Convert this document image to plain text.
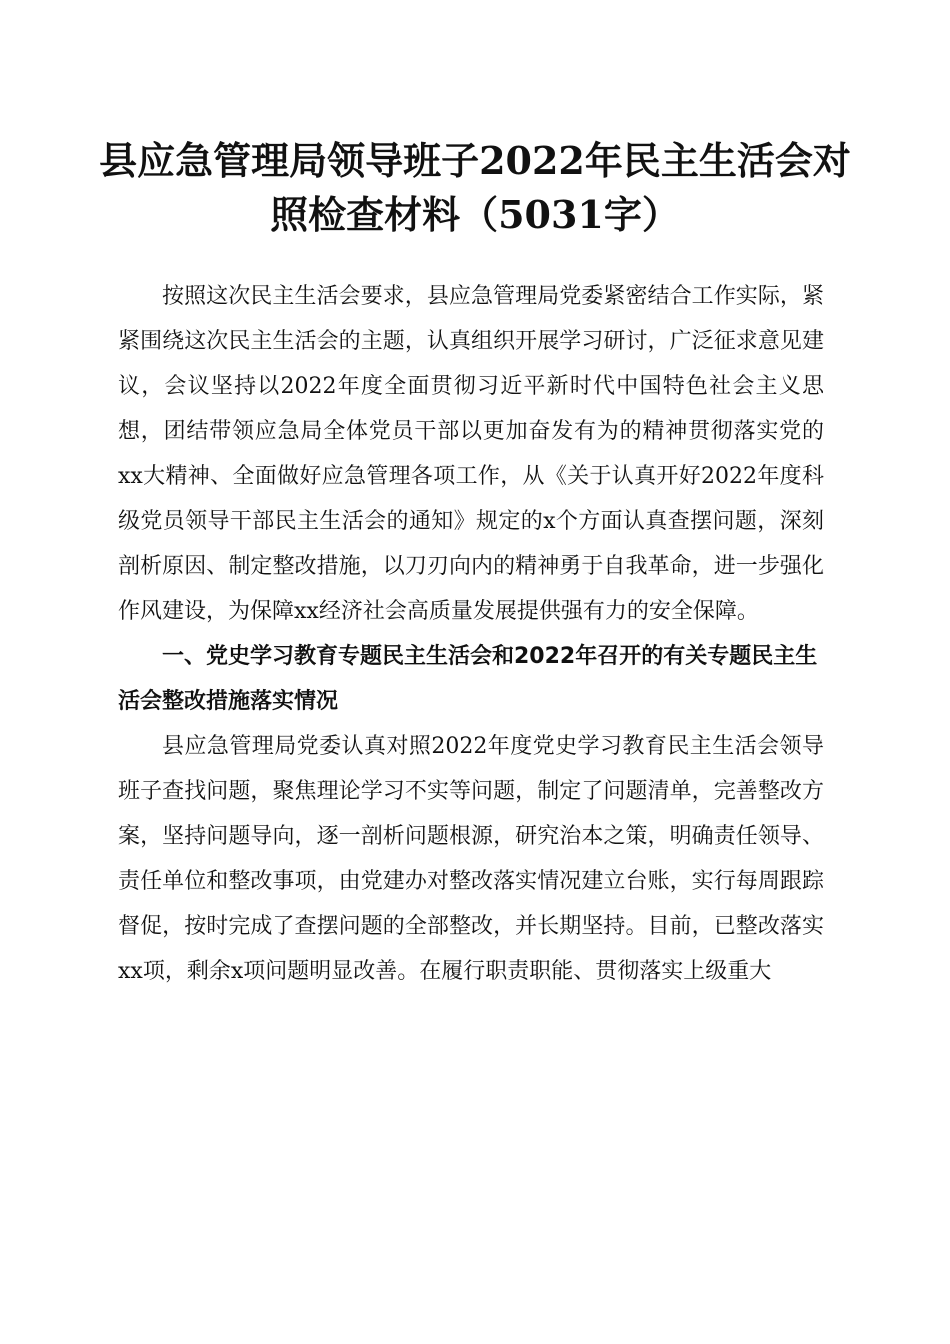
县应急管理局领导班子2022年民主生活会对
照检查材料（5031字）

按照这次民主生活会要求，县应急管理局党委紧密结合工作实际，紧紧围绕这次民主生活会的主题，认真组织开展学习研讨，广泛征求意见建议，会议坚持以2022年度全面贯彻习近平新时代中国特色社会主义思想，团结带领应急局全体党员干部以更加奋发有为的精神贯彻落实党的xx大精神、全面做好应急管理各项工作，从《关于认真开好2022年度科级党员领导干部民主生活会的通知》规定的x个方面认真查摆问题，深刻剖析原因、制定整改措施，以刀刃向内的精神勇于自我革命，进一步强化作风建设，为保障xx经济社会高质量发展提供强有力的安全保障。

一、党史学习教育专题民主生活会和2022年召开的有关专题民主生活会整改措施落实情况

县应急管理局党委认真对照2022年度党史学习教育民主生活会领导班子查找问题，聚焦理论学习不实等问题，制定了问题清单，完善整改方案，坚持问题导向，逐一剖析问题根源，研究治本之策，明确责任领导、责任单位和整改事项，由党建办对整改落实情况建立台账，实行每周跟踪督促，按时完成了查摆问题的全部整改，并长期坚持。目前，已整改落实xx项，剩余x项问题明显改善。在履行职责职能、贯彻落实上级重大
